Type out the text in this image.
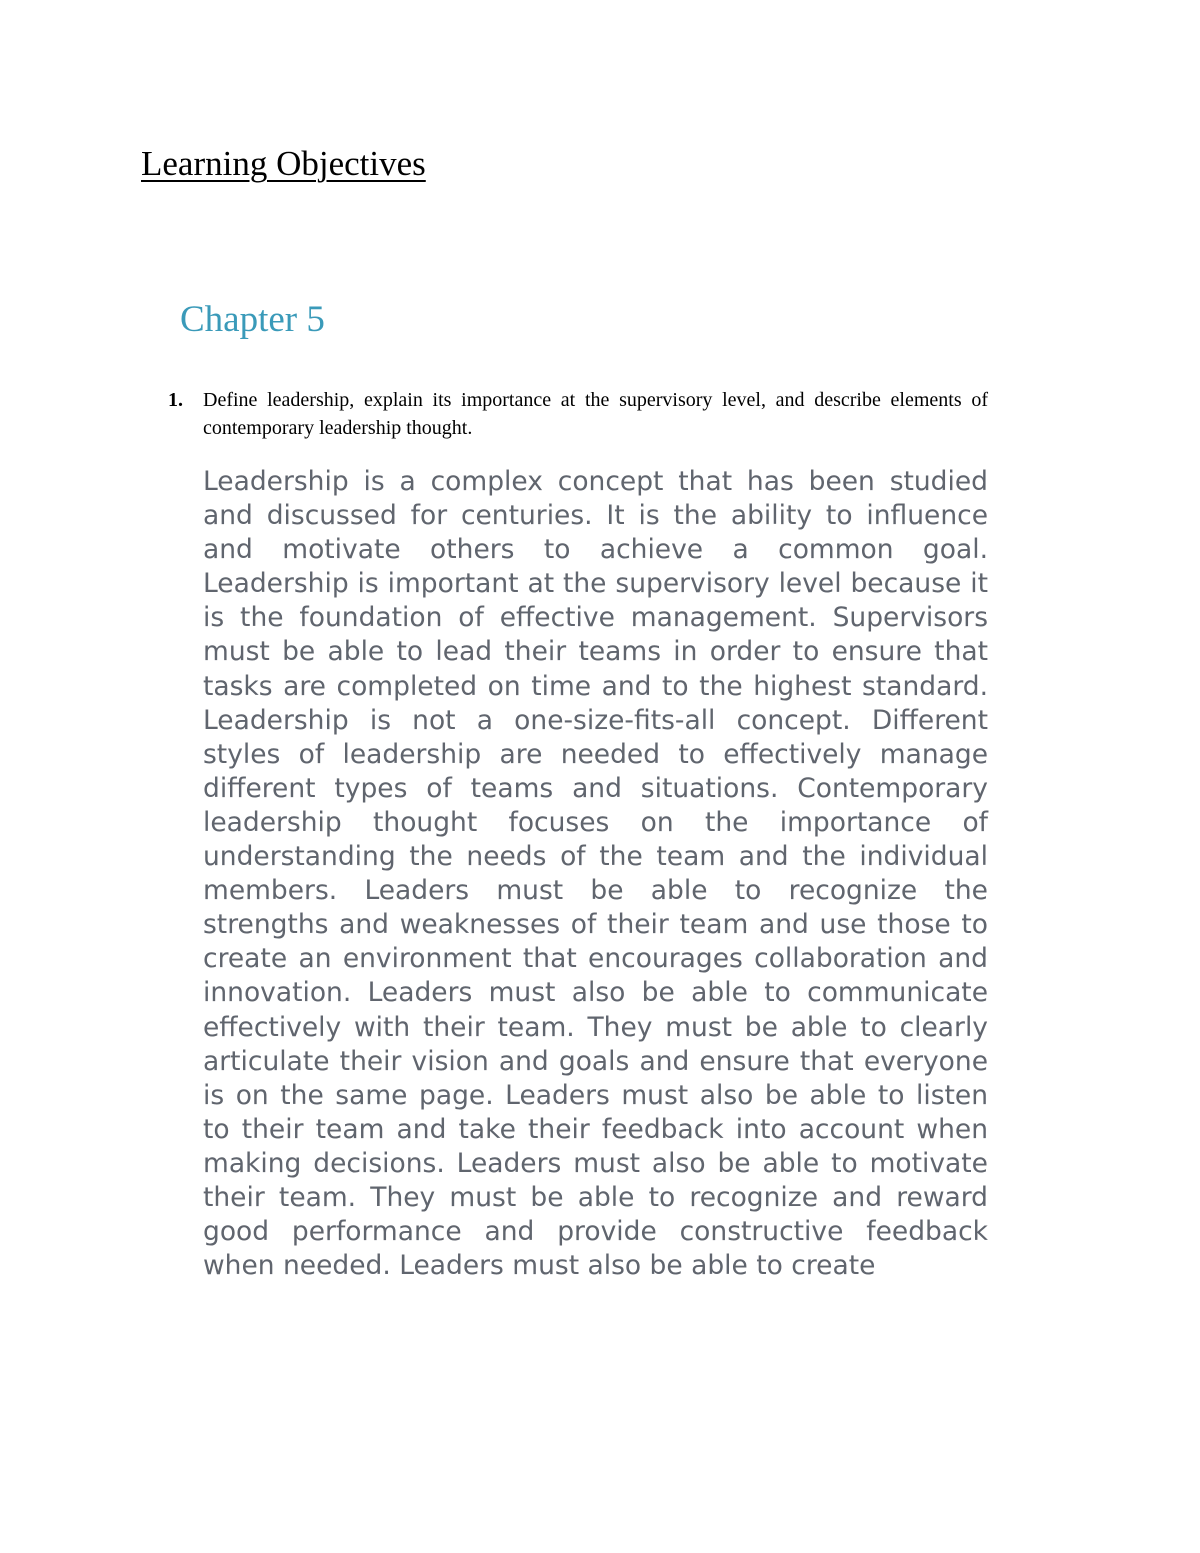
Learning Objectives
Chapter 5
1. Define leadership, explain its importance at the supervisory level, and describe elements of contemporary leadership thought.

Leadership is a complex concept that has been studied and discussed for centuries. It is the ability to influence and motivate others to achieve a common goal. Leadership is important at the supervisory level because it is the foundation of effective management. Supervisors must be able to lead their teams in order to ensure that tasks are completed on time and to the highest standard. Leadership is not a one-size-fits-all concept. Different styles of leadership are needed to effectively manage different types of teams and situations. Contemporary leadership thought focuses on the importance of understanding the needs of the team and the individual members. Leaders must be able to recognize the strengths and weaknesses of their team and use those to create an environment that encourages collaboration and innovation. Leaders must also be able to communicate effectively with their team. They must be able to clearly articulate their vision and goals and ensure that everyone is on the same page. Leaders must also be able to listen to their team and take their feedback into account when making decisions. Leaders must also be able to motivate their team. They must be able to recognize and reward good performance and provide constructive feedback when needed. Leaders must also be able to create
